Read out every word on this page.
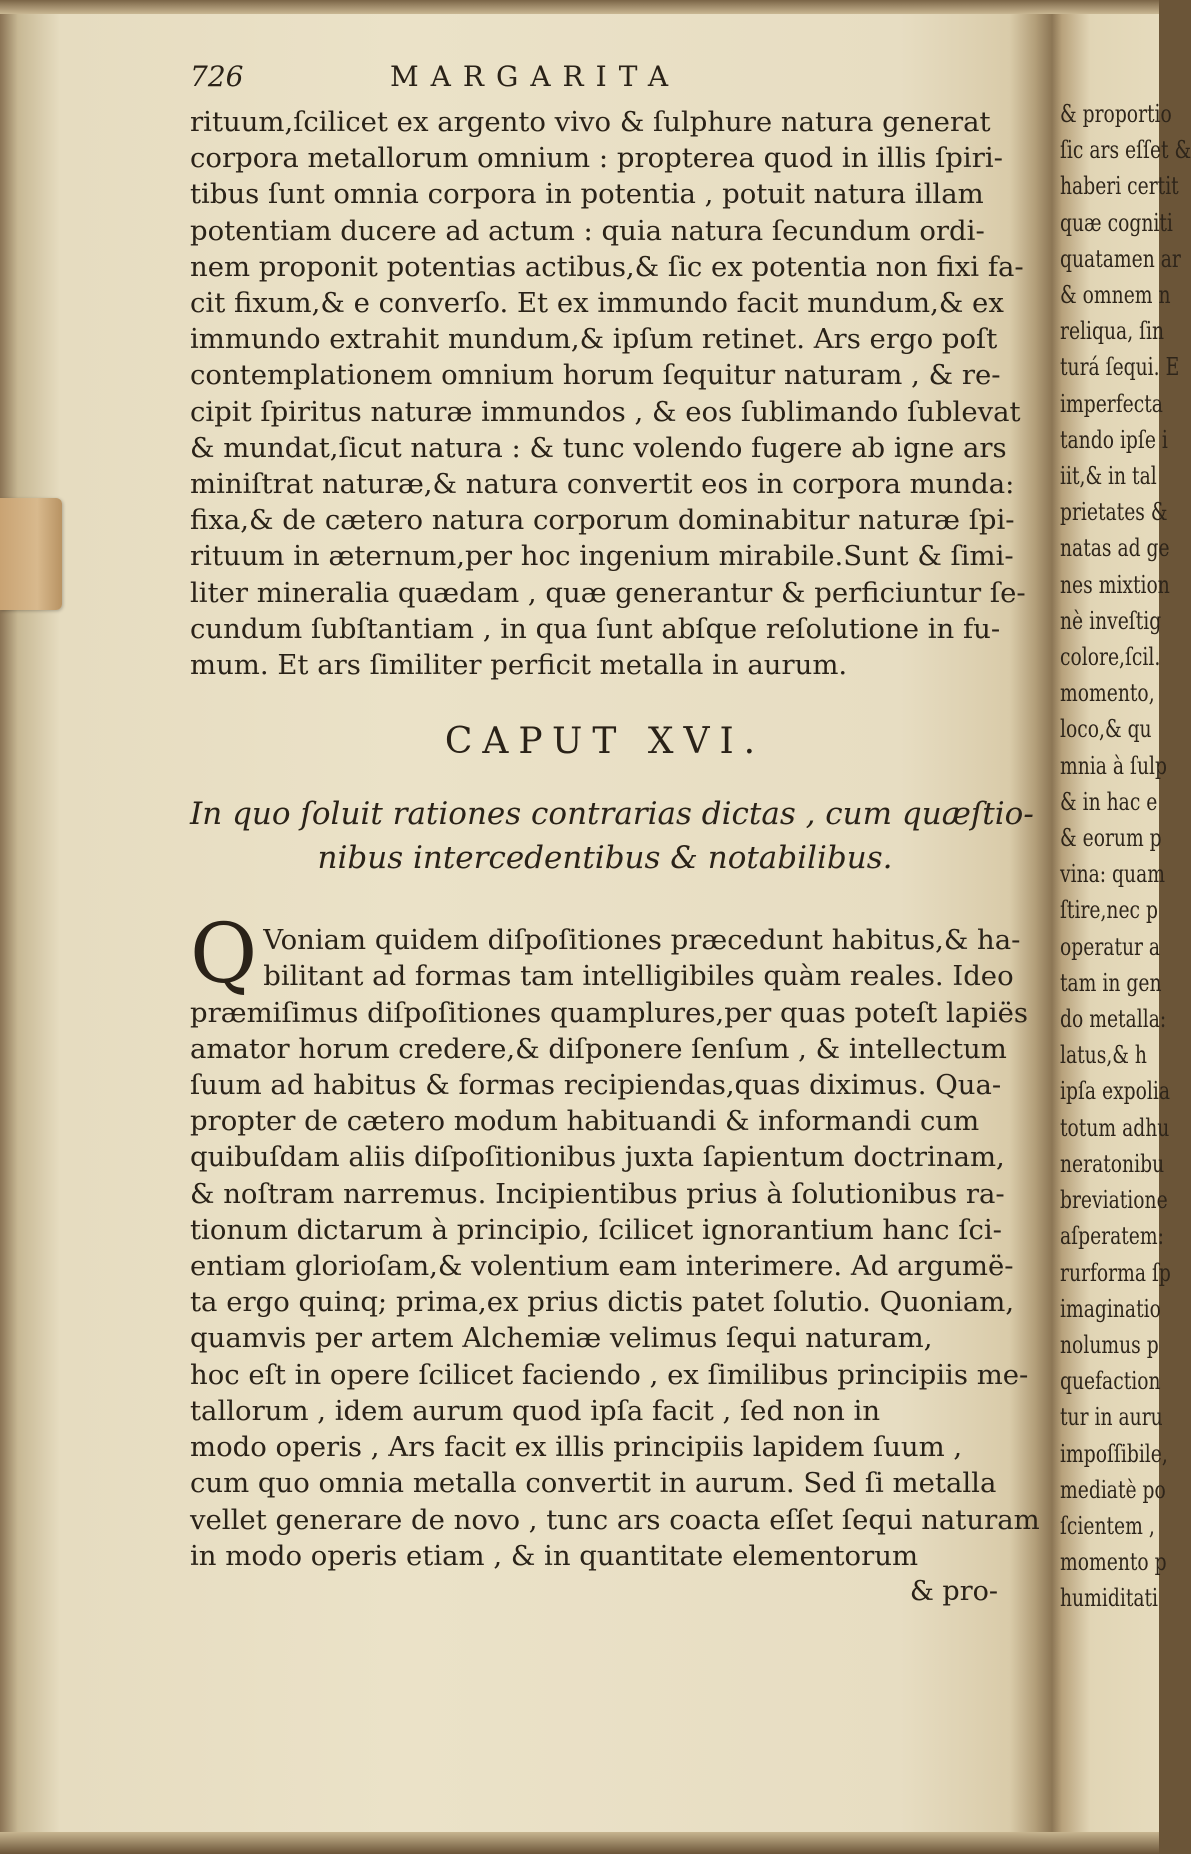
726	MARGARITA
rituum,ſcilicet ex argento vivo & ſulphure natura generat
corpora metallorum omnium : propterea quod in illis ſpiri-
tibus ſunt omnia corpora in potentia , potuit natura illam
potentiam ducere ad actum : quia natura ſecundum ordi-
nem proponit potentias actibus,& ſic ex potentia non fixi fa-
cit fixum,& e converſo. Et ex immundo facit mundum,& ex
immundo extrahit mundum,& ipſum retinet. Ars ergo poſt
contemplationem omnium horum ſequitur naturam , & re-
cipit ſpiritus naturæ immundos , & eos ſublimando ſublevat
& mundat,ſicut natura : & tunc volendo fugere ab igne ars
miniſtrat naturæ,& natura convertit eos in corpora munda:
fixa,& de cætero natura corporum dominabitur naturæ ſpi-
rituum in æternum,per hoc ingenium mirabile.Sunt & ſimi-
liter mineralia quædam , quæ generantur & perficiuntur ſe-
cundum ſubſtantiam , in qua ſunt abſque reſolutione in fu-
mum. Et ars ſimiliter perficit metalla in aurum.
CAPUT XVI.
In quo ſoluit rationes contrarias dictas , cum quæſtio-
nibus intercedentibus & notabilibus.
Q Voniam quidem diſpoſitiones præcedunt habitus,& ha-
bilitant ad formas tam intelligibiles quàm reales. Ideo
præmiſimus diſpoſitiones quamplures,per quas poteſt lapiës
amator horum credere,& diſponere ſenſum , & intellectum
ſuum ad habitus & formas recipiendas,quas diximus. Qua-
propter de cætero modum habituandi & informandi cum
quibuſdam aliis diſpoſitionibus juxta ſapientum doctrinam,
& noſtram narremus. Incipientibus prius à ſolutionibus ra-
tionum dictarum à principio, ſcilicet ignorantium hanc ſci-
entiam glorioſam,& volentium eam interimere. Ad argumë-
ta ergo quinq; prima,ex prius dictis patet ſolutio. Quoniam,
quamvis per artem Alchemiæ velimus ſequi naturam,
hoc eſt in opere ſcilicet faciendo , ex ſimilibus principiis me-
tallorum , idem aurum quod ipſa facit , ſed non in
modo operis , Ars facit ex illis principiis lapidem ſuum ,
cum quo omnia metalla convertit in aurum. Sed ſi metalla
vellet generare de novo , tunc ars coacta eſſet ſequi naturam
in modo operis etiam , & in quantitate elementorum
& pro-
& proportio
ſic ars eſſet &
haberi certit
quæ cogniti
quatamen ar
& omnem n
reliqua, ſin
turá ſequi. E
imperfecta
tando ipſe i
iit,& in tal
prietates &
natas ad ge
nes mixtion
nè inveſtig
colore,ſcil.
momento,
loco,& qu
mnia à ſulp
& in hac e
& eorum p
vina: quam
ſtire,nec p
operatur a
tam in gen
do metalla:
latus,& h
ipſa expolia
totum adhu
neratonibu
breviatione
aſperatem:
rurforma ſp
imaginatio
nolumus p
quefaction
tur in auru
impoſſibile,
mediatè po
ſcientem ,
momento p
humiditati
